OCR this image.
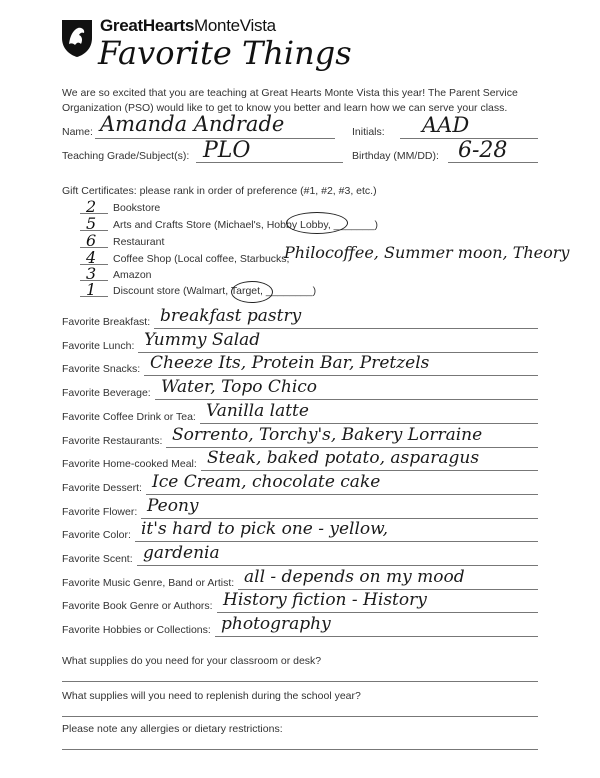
GreatHeartsMonteVista
Favorite Things
We are so excited that you are teaching at Great Hearts Monte Vista this year! The Parent Service Organization (PSO) would like to get to know you better and learn how we can serve your class.
Name: Amanda Andrade	Initials: AAD
Teaching Grade/Subject(s): PLO	Birthday (MM/DD): 6-28
Gift Certificates: please rank in order of preference (#1, #2, #3, etc.)
2 Bookstore
5 Arts and Crafts Store (Michael's, Hobby Lobby, _______)
6 Restaurant
4 Coffee Shop (Local coffee, Starbucks,
Philocoffee, Summer moon, Theory
3 Amazon
1 Discount store (Walmart, Target, ________)
Favorite Breakfast: breakfast pastry
Favorite Lunch: Yummy Salad
Favorite Snacks: Cheeze Its, Protein Bar, Pretzels
Favorite Beverage: Water, Topo Chico
Favorite Coffee Drink or Tea: Vanilla latte
Favorite Restaurants: Sorrento, Torchy's, Bakery Lorraine
Favorite Home-cooked Meal: Steak, baked potato, asparagus
Favorite Dessert: Ice Cream, chocolate cake
Favorite Flower: Peony
Favorite Color: it's hard to pick one - yellow,
Favorite Scent: gardenia
Favorite Music Genre, Band or Artist: all - depends on my mood
Favorite Book Genre or Authors: History fiction - History
Favorite Hobbies or Collections: photography
What supplies do you need for your classroom or desk?
What supplies will you need to replenish during the school year?
Please note any allergies or dietary restrictions:
